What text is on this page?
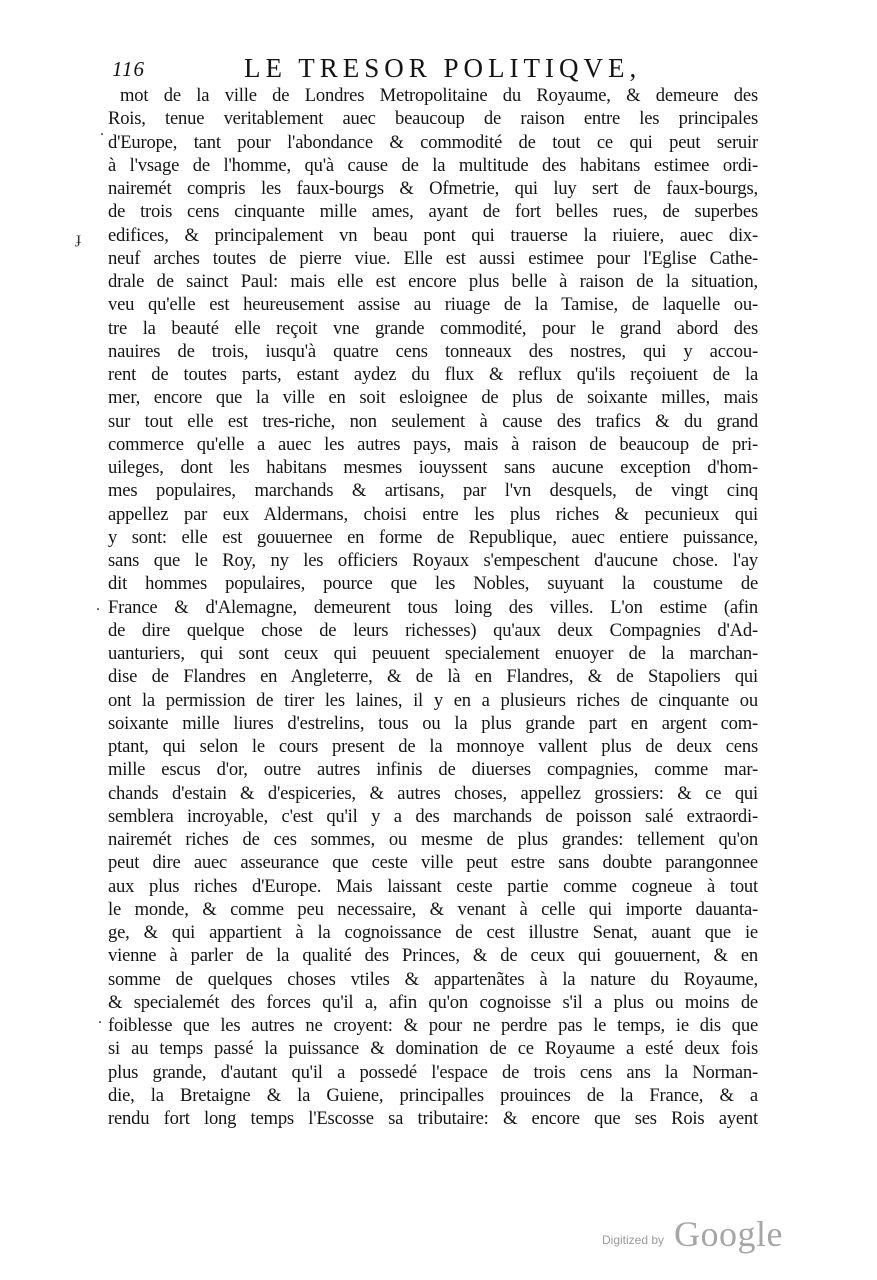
116	LE TRESOR POLITIQVE,
.
ɟ
.
.
mot de la ville de Londres Metropolitaine du Royaume, & demeure des
Rois, tenue veritablement auec beaucoup de raison entre les principales
d'Europe, tant pour l'abondance & commodité de tout ce qui peut seruir
à l'vsage de l'homme, qu'à cause de la multitude des habitans estimee ordi-
nairemét compris les faux-bourgs & Ofmetrie, qui luy sert de faux-bourgs,
de trois cens cinquante mille ames, ayant de fort belles rues, de superbes
edifices, & principalement vn beau pont qui trauerse la riuiere, auec dix-
neuf arches toutes de pierre viue. Elle est aussi estimee pour l'Eglise Cathe-
drale de sainct Paul: mais elle est encore plus belle à raison de la situation,
veu qu'elle est heureusement assise au riuage de la Tamise, de laquelle ou-
tre la beauté elle reçoit vne grande commodité, pour le grand abord des
nauires de trois, iusqu'à quatre cens tonneaux des nostres, qui y accou-
rent de toutes parts, estant aydez du flux & reflux qu'ils reçoiuent de la
mer, encore que la ville en soit esloignee de plus de soixante milles, mais
sur tout elle est tres-riche, non seulement à cause des trafics & du grand
commerce qu'elle a auec les autres pays, mais à raison de beaucoup de pri-
uileges, dont les habitans mesmes iouyssent sans aucune exception d'hom-
mes populaires, marchands & artisans, par l'vn desquels, de vingt cinq
appellez par eux Aldermans, choisi entre les plus riches & pecunieux qui
y sont: elle est gouuernee en forme de Republique, auec entiere puissance,
sans que le Roy, ny les officiers Royaux s'empeschent d'aucune chose. l'ay
dit hommes populaires, pource que les Nobles, suyuant la coustume de
France & d'Alemagne, demeurent tous loing des villes. L'on estime (afin
de dire quelque chose de leurs richesses) qu'aux deux Compagnies d'Ad-
uanturiers, qui sont ceux qui peuuent specialement enuoyer de la marchan-
dise de Flandres en Angleterre, & de là en Flandres, & de Stapoliers qui
ont la permission de tirer les laines, il y en a plusieurs riches de cinquante ou
soixante mille liures d'estrelins, tous ou la plus grande part en argent com-
ptant, qui selon le cours present de la monnoye vallent plus de deux cens
mille escus d'or, outre autres infinis de diuerses compagnies, comme mar-
chands d'estain & d'espiceries, & autres choses, appellez grossiers: & ce qui
semblera incroyable, c'est qu'il y a des marchands de poisson salé extraordi-
nairemét riches de ces sommes, ou mesme de plus grandes: tellement qu'on
peut dire auec asseurance que ceste ville peut estre sans doubte parangonnee
aux plus riches d'Europe. Mais laissant ceste partie comme cogneue à tout
le monde, & comme peu necessaire, & venant à celle qui importe dauanta-
ge, & qui appartient à la cognoissance de cest illustre Senat, auant que ie
vienne à parler de la qualité des Princes, & de ceux qui gouuernent, & en
somme de quelques choses vtiles & appartenãtes à la nature du Royaume,
& specialemét des forces qu'il a, afin qu'on cognoisse s'il a plus ou moins de
foiblesse que les autres ne croyent: & pour ne perdre pas le temps, ie dis que
si au temps passé la puissance & domination de ce Royaume a esté deux fois
plus grande, d'autant qu'il a possedé l'espace de trois cens ans la Norman-
die, la Bretaigne & la Guiene, principalles prouinces de la France, & a
rendu fort long temps l'Escosse sa tributaire: & encore que ses Rois ayent
Digitized by Google
